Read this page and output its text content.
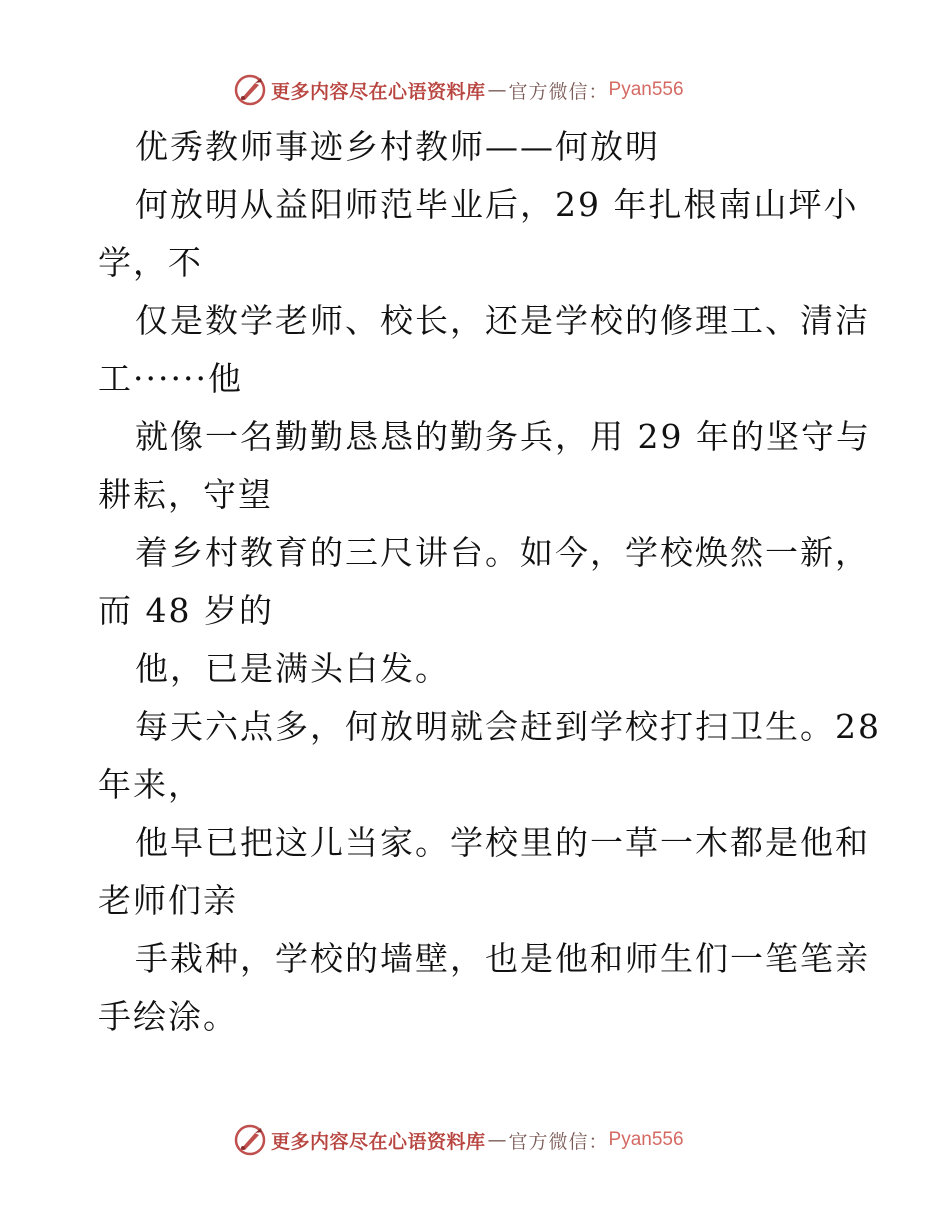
更多内容尽在心语资料库 — 官方微信： Pyan556
优秀教师事迹乡村教师——何放明
何放明从益阳师范毕业后，29 年扎根南山坪小
学，不
仅是数学老师、校长，还是学校的修理工、清洁
工······他
就像一名勤勤恳恳的勤务兵，用 29 年的坚守与
耕耘，守望
着乡村教育的三尺讲台。如今，学校焕然一新，
而 48 岁的
他，已是满头白发。
每天六点多，何放明就会赶到学校打扫卫生。28
年来，
他早已把这儿当家。学校里的一草一木都是他和
老师们亲
手栽种，学校的墙壁，也是他和师生们一笔笔亲
手绘涂。
更多内容尽在心语资料库 — 官方微信： Pyan556
